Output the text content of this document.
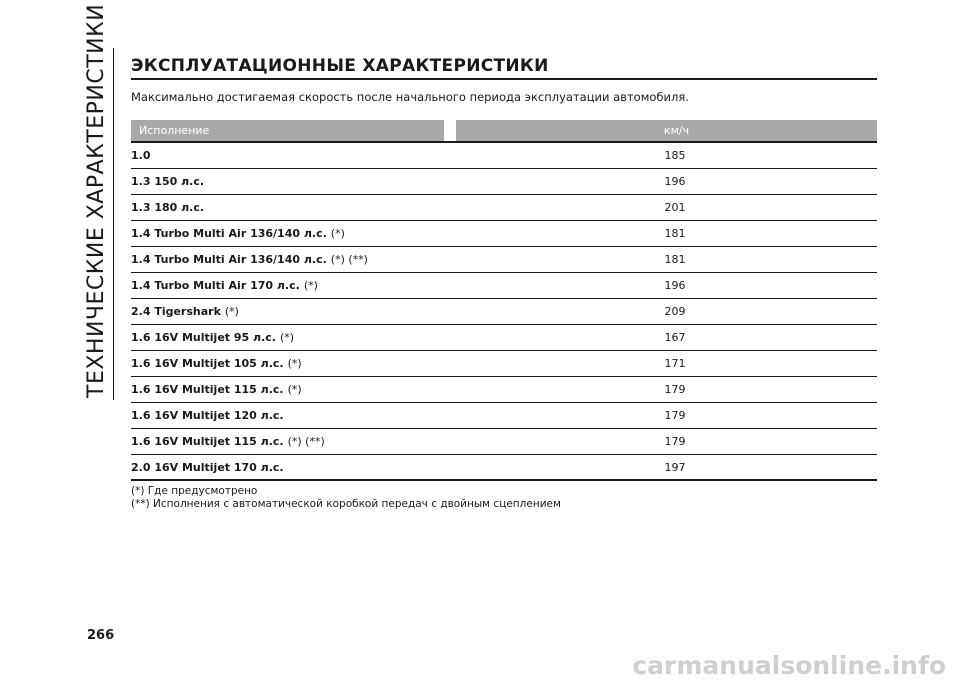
ТЕХНИЧЕСКИЕ ХАРАКТЕРИСТИКИ ЭКСПЛУАТАЦИОННЫЕ ХАРАКТЕРИСТИКИ

Максимально достигаемая скорость после начального периода эксплуатации автомобиля.

Исполнение	км/ч
1.0	185
1.3 150 л.с.	196
1.3 180 л.с.	201
1.4 Turbo Multi Air 136/140 л.с. (*)	181
1.4 Turbo Multi Air 136/140 л.с. (*) (**)	181
1.4 Turbo Multi Air 170 л.с. (*)	196
2.4 Tigershark (*)	209
1.6 16V Multijet 95 л.с. (*)	167
1.6 16V Multijet 105 л.с. (*)	171
1.6 16V Multijet 115 л.с. (*)	179
1.6 16V Multijet 120 л.с.	179
1.6 16V Multijet 115 л.с. (*) (**)	179
2.0 16V Multijet 170 л.с.	197
(*) Где предусмотрено
(**) Исполнения с автоматической коробкой передач с двойным сцеплением
266
carmanualsonline.info
